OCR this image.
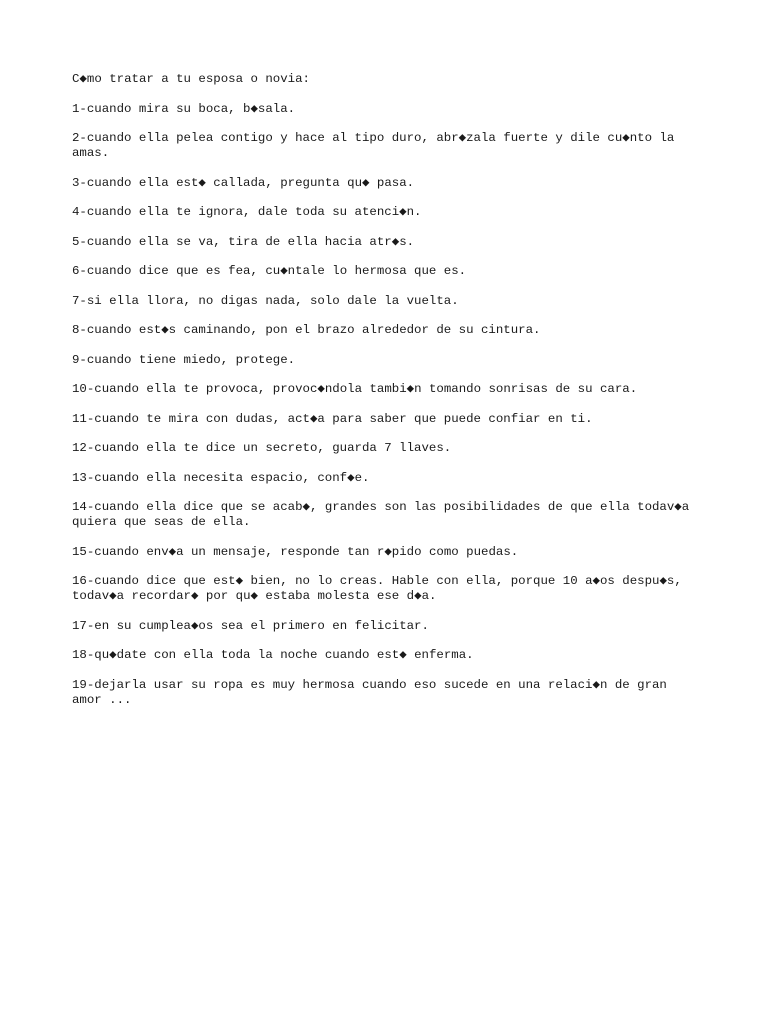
C◆mo tratar a tu esposa o novia:

1-cuando mira su boca, b◆sala.

2-cuando ella pelea contigo y hace al tipo duro, abr◆zala fuerte y dile cu◆nto la
amas.

3-cuando ella est◆ callada, pregunta qu◆ pasa.

4-cuando ella te ignora, dale toda su atenci◆n.

5-cuando ella se va, tira de ella hacia atr◆s.

6-cuando dice que es fea, cu◆ntale lo hermosa que es.

7-si ella llora, no digas nada, solo dale la vuelta.

8-cuando est◆s caminando, pon el brazo alrededor de su cintura.

9-cuando tiene miedo, protege.

10-cuando ella te provoca, provoc◆ndola tambi◆n tomando sonrisas de su cara.

11-cuando te mira con dudas, act◆a para saber que puede confiar en ti.

12-cuando ella te dice un secreto, guarda 7 llaves.

13-cuando ella necesita espacio, conf◆e.

14-cuando ella dice que se acab◆, grandes son las posibilidades de que ella todav◆a
quiera que seas de ella.

15-cuando env◆a un mensaje, responde tan r◆pido como puedas.

16-cuando dice que est◆ bien, no lo creas. Hable con ella, porque 10 a◆os despu◆s,
todav◆a recordar◆ por qu◆ estaba molesta ese d◆a.

17-en su cumplea◆os sea el primero en felicitar.

18-qu◆date con ella toda la noche cuando est◆ enferma.

19-dejarla usar su ropa es muy hermosa cuando eso sucede en una relaci◆n de gran
amor ...
